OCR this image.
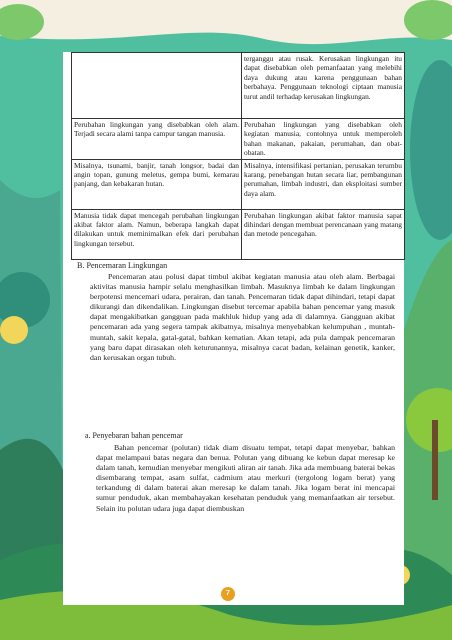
	terganggu atau rusak. Kerusakan lingkungan itu dapat disebabkan oleh pemanfaatan yang melebihi daya dukung atau karena penggunaan bahan berbahaya. Penggunaan teknologi ciptaan manusia turut andil terhadap kerusakan lingkungan.
Perubahan lingkungan yang disebabkan oleh alam. Terjadi secara alami tanpa campur tangan manusia.	Perubahan lingkungan yang disebabkan oleh kegiatan manusia, contohnya untuk memperoleh bahan makanan, pakaian, perumahan, dan obat-obatan.
Misalnya, tsunami, banjir, tanah longsor, badai dan angin topan, gunung meletus, gempa bumi, kemarau panjang, dan kebakaran hutan.	Misalnya, intensifikasi pertanian, perusakan terumbu karang, penebangan hutan secara liar, pembangunan perumahan, limbah industri, dan eksploitasi sumber daya alam.
Manusia tidak dapat mencegah perubahan lingkungan akibat faktor alam. Namun, beberapa langkah dapat dilakukan untuk meminimalkan efek dari perubahan lingkungan tersebut.	Perubahan lingkungan akibat faktor manusia sapat dihindari dengan membuat perencanaan yang matang dan metode pencegahan.
B. Pencemaran Lingkungan
Pencemaran atau polusi dapat timbul akibat kegiatan manusia atau oleh alam. Berbagai aktivitas manusia hampir selalu menghasilkan limbah. Masuknya limbah ke dalam lingkungan berpotensi mencemari udara, perairan, dan tanah. Pencemaran tidak dapat dihindari, tetapi dapat dikurangi dan dikendalikan. Lingkungan disebut tercemar apabila bahan pencemar yang masuk dapat mengakibatkan gangguan pada makhluk hidup yang ada di dalamnya. Gangguan akibat pencemaran ada yang segera tampak akibatnya, misalnya menyebabkan kelumpuhan , muntah-muntah, sakit kepala, gatal-gatal, bahkan kematian. Akan tetapi, ada pula dampak pencemaran yang baru dapat dirasakan oleh keturunannya, misalnya cacat badan, kelainan genetik, kanker, dan kerusakan organ tubuh.
a. Penyebaran bahan pencemar
Bahan pencemar (polutan) tidak diam disuatu tempat, tetapi dapat menyebar, bahkan dapat melampaui batas negara dan benua. Polutan yang dibuang ke kebun dapat meresap ke dalam tanah, kemudian menyebar mengikuti aliran air tanah. Jika ada membuang baterai bekas disembarang tempat, asam sulfat, cadmium atau merkuri (tergolong logam berat) yang terkandung di dalam baterai akan meresap ke dalam tanah. Jika logam berat ini mencapai sumur penduduk, akan membahayakan kesehatan penduduk yang memanfaatkan air tersebut. Selain itu polutan udara juga dapat diembuskan
7
